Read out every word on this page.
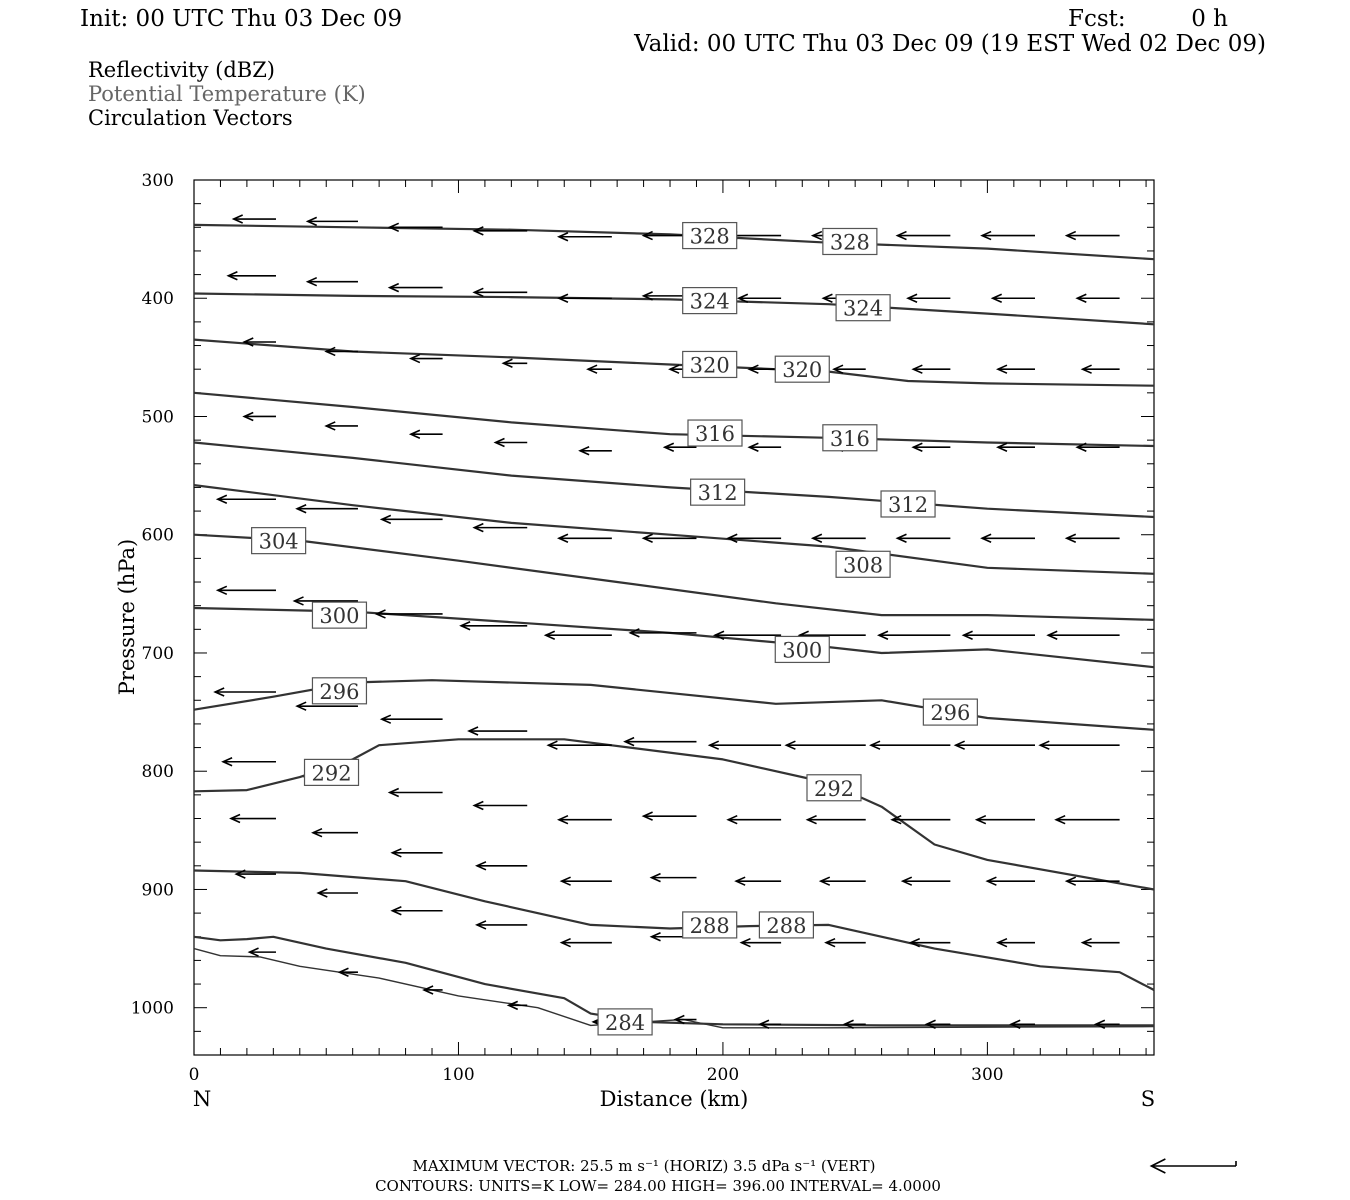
Init: 00 UTC Thu 03 Dec 09	Fcst:	0 h
Valid: 00 UTC Thu 03 Dec 09 (19 EST Wed 02 Dec 09)
Reflectivity (dBZ)
Potential Temperature (K)
Circulation Vectors
328	328
324	324
320 320
316	316
312	312
308
304
300
300
296
296
292
292
288 288
284
0	100	200	300
300
400
500
600
700
800
900
1000
Distance (km)
Pressure (hPa)
N	S
MAXIMUM VECTOR: 25.5 m s⁻¹ (HORIZ) 3.5 dPa s⁻¹ (VERT)
CONTOURS: UNITS=K LOW= 284.00 HIGH= 396.00 INTERVAL= 4.0000
